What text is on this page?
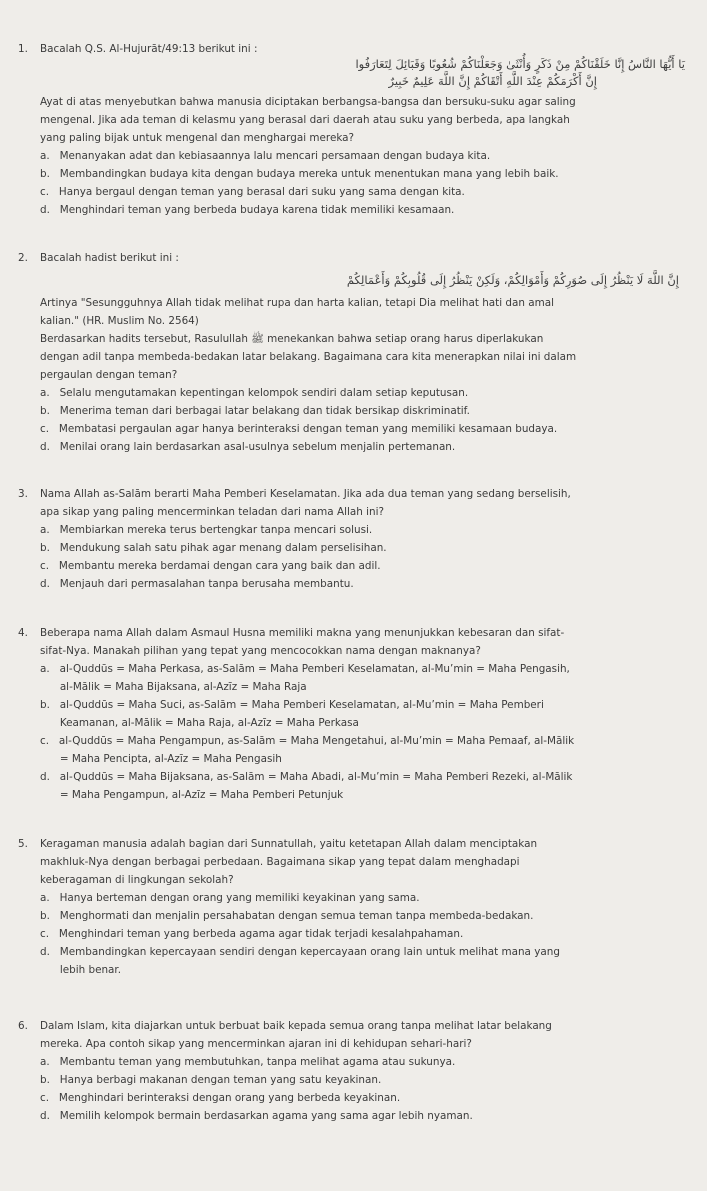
1. Bacalah Q.S. Al-Hujurāt/49:13 berikut ini :
يَا أَيُّهَا النَّاسُ إِنَّا خَلَقْنَاكُمْ مِنْ ذَكَرٍ وَأُنْثَىٰ وَجَعَلْنَاكُمْ شُعُوبًا وَقَبَائِلَ لِتَعَارَفُوا
إِنَّ أَكْرَمَكُمْ عِنْدَ اللَّهِ أَتْقَاكُمْ إِنَّ اللَّهَ عَلِيمٌ خَبِيرٌ
Ayat di atas menyebutkan bahwa manusia diciptakan berbangsa-bangsa dan bersuku-suku agar saling
mengenal. Jika ada teman di kelasmu yang berasal dari daerah atau suku yang berbeda, apa langkah
yang paling bijak untuk mengenal dan menghargai mereka?
a.   Menanyakan adat dan kebiasaannya lalu mencari persamaan dengan budaya kita.
b.   Membandingkan budaya kita dengan budaya mereka untuk menentukan mana yang lebih baik.
c.   Hanya bergaul dengan teman yang berasal dari suku yang sama dengan kita.
d.   Menghindari teman yang berbeda budaya karena tidak memiliki kesamaan.
2. Bacalah hadist berikut ini :
إِنَّ اللَّهَ لَا يَنْظُرُ إِلَى صُوَرِكُمْ وَأَمْوَالِكُمْ، وَلَكِنْ يَنْظُرُ إِلَى قُلُوبِكُمْ وَأَعْمَالِكُمْ
Artinya "Sesungguhnya Allah tidak melihat rupa dan harta kalian, tetapi Dia melihat hati dan amal
kalian." (HR. Muslim No. 2564)
Berdasarkan hadits tersebut, Rasulullah ﷺ menekankan bahwa setiap orang harus diperlakukan
dengan adil tanpa membeda-bedakan latar belakang. Bagaimana cara kita menerapkan nilai ini dalam
pergaulan dengan teman?
a.   Selalu mengutamakan kepentingan kelompok sendiri dalam setiap keputusan.
b.   Menerima teman dari berbagai latar belakang dan tidak bersikap diskriminatif.
c.   Membatasi pergaulan agar hanya berinteraksi dengan teman yang memiliki kesamaan budaya.
d.   Menilai orang lain berdasarkan asal-usulnya sebelum menjalin pertemanan.
3. Nama Allah as-Salām berarti Maha Pemberi Keselamatan. Jika ada dua teman yang sedang berselisih,
apa sikap yang paling mencerminkan teladan dari nama Allah ini?
a.   Membiarkan mereka terus bertengkar tanpa mencari solusi.
b.   Mendukung salah satu pihak agar menang dalam perselisihan.
c.   Membantu mereka berdamai dengan cara yang baik dan adil.
d.   Menjauh dari permasalahan tanpa berusaha membantu.
4. Beberapa nama Allah dalam Asmaul Husna memiliki makna yang menunjukkan kebesaran dan sifat-
sifat-Nya. Manakah pilihan yang tepat yang mencocokkan nama dengan maknanya?
a.   al-Quddūs = Maha Perkasa, as-Salām = Maha Pemberi Keselamatan, al-Mu’min = Maha Pengasih,
al-Mālik = Maha Bijaksana, al-Azīz = Maha Raja
b.   al-Quddūs = Maha Suci, as-Salām = Maha Pemberi Keselamatan, al-Mu’min = Maha Pemberi
Keamanan, al-Mālik = Maha Raja, al-Azīz = Maha Perkasa
c.   al-Quddūs = Maha Pengampun, as-Salām = Maha Mengetahui, al-Mu’min = Maha Pemaaf, al-Mālik
= Maha Pencipta, al-Azīz = Maha Pengasih
d.   al-Quddūs = Maha Bijaksana, as-Salām = Maha Abadi, al-Mu’min = Maha Pemberi Rezeki, al-Mālik
= Maha Pengampun, al-Azīz = Maha Pemberi Petunjuk
5. Keragaman manusia adalah bagian dari Sunnatullah, yaitu ketetapan Allah dalam menciptakan
makhluk-Nya dengan berbagai perbedaan. Bagaimana sikap yang tepat dalam menghadapi
keberagaman di lingkungan sekolah?
a.   Hanya berteman dengan orang yang memiliki keyakinan yang sama.
b.   Menghormati dan menjalin persahabatan dengan semua teman tanpa membeda-bedakan.
c.   Menghindari teman yang berbeda agama agar tidak terjadi kesalahpahaman.
d.   Membandingkan kepercayaan sendiri dengan kepercayaan orang lain untuk melihat mana yang
lebih benar.
6. Dalam Islam, kita diajarkan untuk berbuat baik kepada semua orang tanpa melihat latar belakang
mereka. Apa contoh sikap yang mencerminkan ajaran ini di kehidupan sehari-hari?
a.   Membantu teman yang membutuhkan, tanpa melihat agama atau sukunya.
b.   Hanya berbagi makanan dengan teman yang satu keyakinan.
c.   Menghindari berinteraksi dengan orang yang berbeda keyakinan.
d.   Memilih kelompok bermain berdasarkan agama yang sama agar lebih nyaman.
